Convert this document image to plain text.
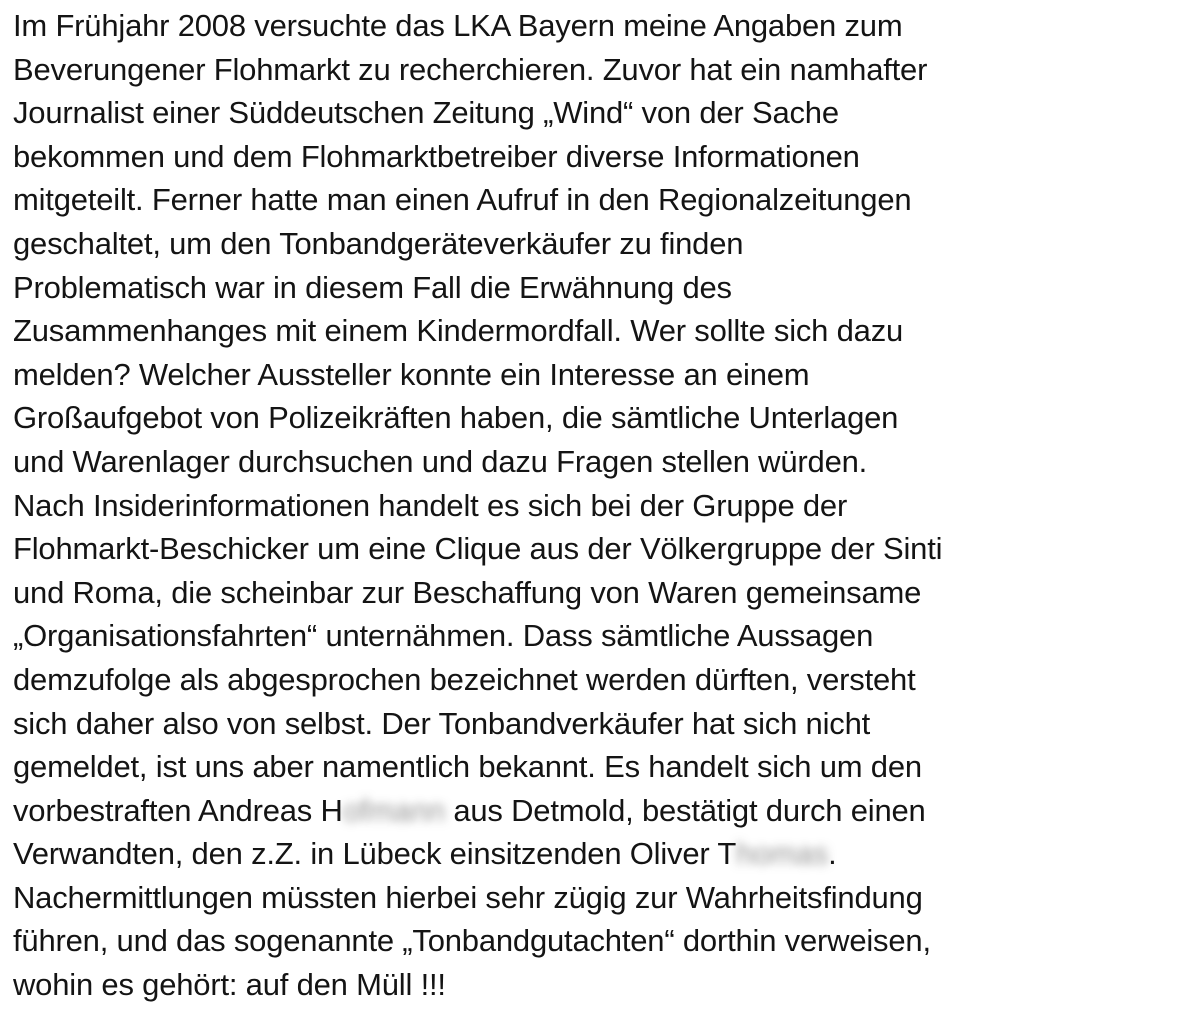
Im Frühjahr 2008 versuchte das LKA Bayern meine Angaben zum
Beverungener Flohmarkt zu recherchieren. Zuvor hat ein namhafter
Journalist einer Süddeutschen Zeitung „Wind“ von der Sache
bekommen und dem Flohmarktbetreiber diverse Informationen
mitgeteilt. Ferner hatte man einen Aufruf in den Regionalzeitungen
geschaltet, um den Tonbandgeräteverkäufer zu finden
Problematisch war in diesem Fall die Erwähnung des
Zusammenhanges mit einem Kindermordfall. Wer sollte sich dazu
melden? Welcher Aussteller konnte ein Interesse an einem
Großaufgebot von Polizeikräften haben, die sämtliche Unterlagen
und Warenlager durchsuchen und dazu Fragen stellen würden.
Nach Insiderinformationen handelt es sich bei der Gruppe der
Flohmarkt-Beschicker um eine Clique aus der Völkergruppe der Sinti
und Roma, die scheinbar zur Beschaffung von Waren gemeinsame
„Organisationsfahrten“ unternähmen. Dass sämtliche Aussagen
demzufolge als abgesprochen bezeichnet werden dürften, versteht
sich daher also von selbst. Der Tonbandverkäufer hat sich nicht
gemeldet, ist uns aber namentlich bekannt. Es handelt sich um den
vorbestraften Andreas Hofmann aus Detmold, bestätigt durch einen
Verwandten, den z.Z. in Lübeck einsitzenden Oliver Thomas.
Nachermittlungen müssten hierbei sehr zügig zur Wahrheitsfindung
führen, und das sogenannte „Tonbandgutachten“ dorthin verweisen,
wohin es gehört: auf den Müll !!!
